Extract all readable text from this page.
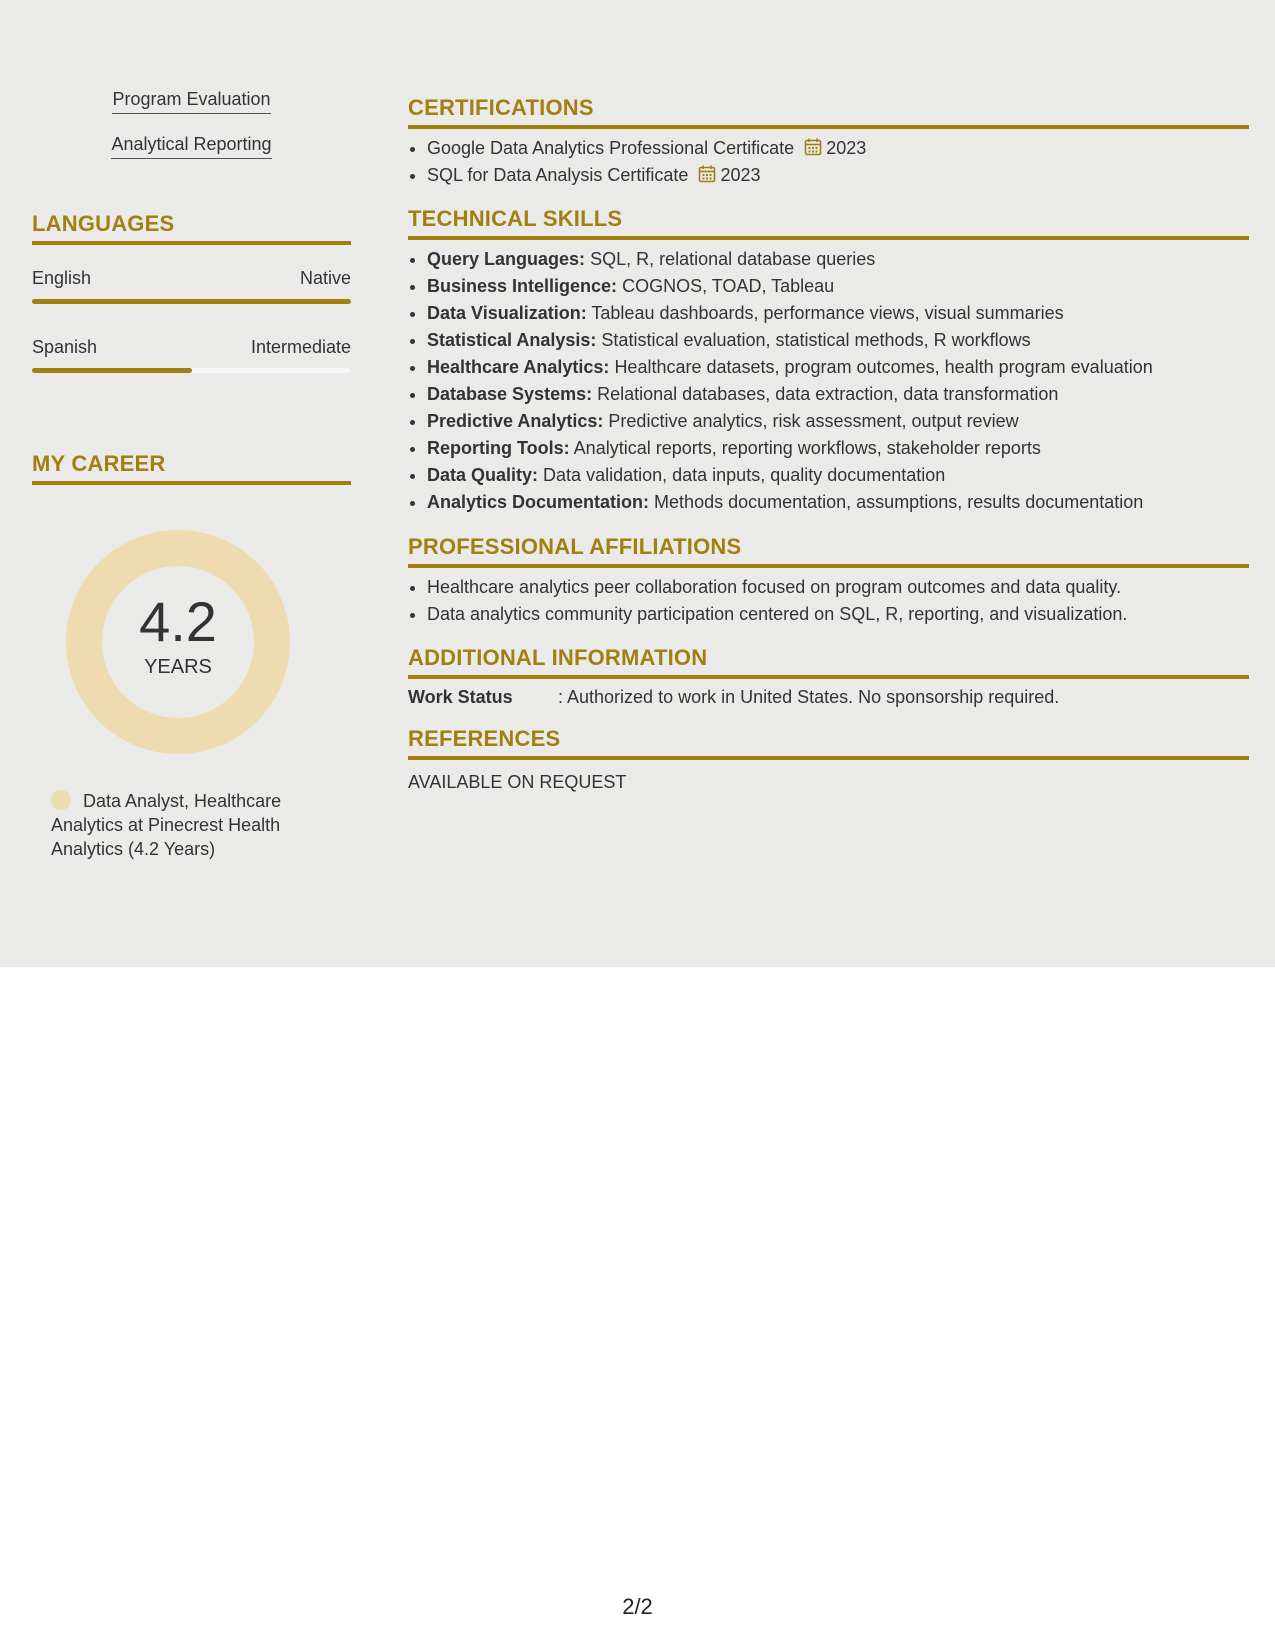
Program Evaluation
Analytical Reporting
LANGUAGES
English	Native
Spanish	Intermediate
MY CAREER
4.2
YEARS
Data Analyst, Healthcare Analytics at Pinecrest Health Analytics (4.2 Years)
CERTIFICATIONS
• Google Data Analytics Professional Certificate 2023
• SQL for Data Analysis Certificate 2023
TECHNICAL SKILLS
• Query Languages: SQL, R, relational database queries
• Business Intelligence: COGNOS, TOAD, Tableau
• Data Visualization: Tableau dashboards, performance views, visual summaries
• Statistical Analysis: Statistical evaluation, statistical methods, R workflows
• Healthcare Analytics: Healthcare datasets, program outcomes, health program evaluation
• Database Systems: Relational databases, data extraction, data transformation
• Predictive Analytics: Predictive analytics, risk assessment, output review
• Reporting Tools: Analytical reports, reporting workflows, stakeholder reports
• Data Quality: Data validation, data inputs, quality documentation
• Analytics Documentation: Methods documentation, assumptions, results documentation
PROFESSIONAL AFFILIATIONS
• Healthcare analytics peer collaboration focused on program outcomes and data quality.
• Data analytics community participation centered on SQL, R, reporting, and visualization.
ADDITIONAL INFORMATION
Work Status	: Authorized to work in United States. No sponsorship required.
REFERENCES
AVAILABLE ON REQUEST
2/2
